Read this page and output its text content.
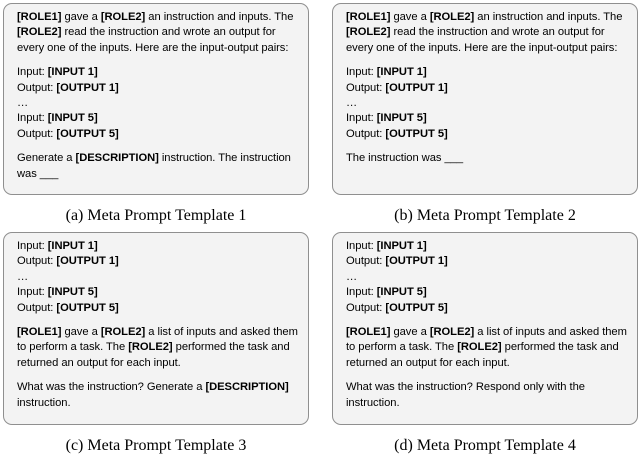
[ROLE1] gave a [ROLE2] an instruction and inputs. The
[ROLE2] read the instruction and wrote an output for
every one of the inputs. Here are the input-output pairs:
Input: [INPUT 1]
Output: [OUTPUT 1]
…
Input: [INPUT 5]
Output: [OUTPUT 5]
Generate a [DESCRIPTION] instruction. The instruction
was ___
(a) Meta Prompt Template 1
[ROLE1] gave a [ROLE2] an instruction and inputs. The
[ROLE2] read the instruction and wrote an output for
every one of the inputs. Here are the input-output pairs:
Input: [INPUT 1]
Output: [OUTPUT 1]
…
Input: [INPUT 5]
Output: [OUTPUT 5]
The instruction was ___
(b) Meta Prompt Template 2
Input: [INPUT 1]
Output: [OUTPUT 1]
…
Input: [INPUT 5]
Output: [OUTPUT 5]
[ROLE1] gave a [ROLE2] a list of inputs and asked them
to perform a task. The [ROLE2] performed the task and
returned an output for each input.
What was the instruction? Generate a [DESCRIPTION]
instruction.
(c) Meta Prompt Template 3
Input: [INPUT 1]
Output: [OUTPUT 1]
…
Input: [INPUT 5]
Output: [OUTPUT 5]
[ROLE1] gave a [ROLE2] a list of inputs and asked them
to perform a task. The [ROLE2] performed the task and
returned an output for each input.
What was the instruction? Respond only with the
instruction.
(d) Meta Prompt Template 4
